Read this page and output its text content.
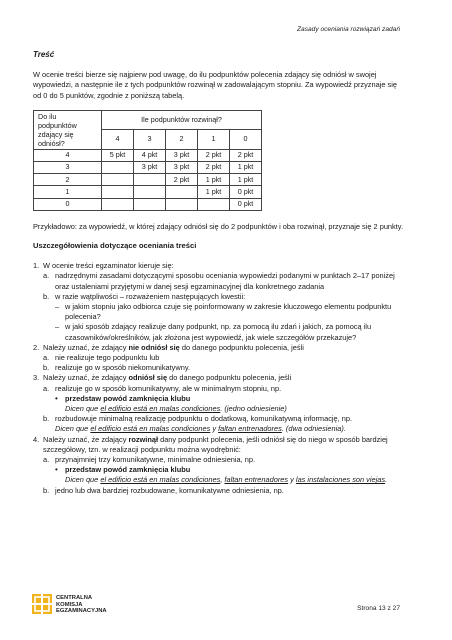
Zasady oceniania rozwiązań zadań
Treść

W ocenie treści bierze się najpierw pod uwagę, do ilu podpunktów polecenia zdający się odniósł w swojej wypowiedzi, a następnie ile z tych podpunktów rozwinął w zadowalającym stopniu. Za wypowiedź przyznaje się od 0 do 5 punktów, zgodnie z poniższą tabelą.

Do ilu podpunktów zdający się odniósł?	Ile podpunktów rozwinął?				
	4	3	2	1	0
4	5 pkt	4 pkt	3 pkt	2 pkt	2 pkt
3		3 pkt	3 pkt	2 pkt	1 pkt
2			2 pkt	1 pkt	1 pkt
1				1 pkt	0 pkt
0					0 pkt

Przykładowo: za wypowiedź, w której zdający odniósł się do 2 podpunktów i oba rozwinął, przyznaje się 2 punkty.

Uszczegółowienia dotyczące oceniania treści
1. W ocenie treści egzaminator kieruje się:
a. nadrzędnymi zasadami dotyczącymi sposobu oceniania wypowiedzi podanymi w punktach 2–17 poniżej oraz ustaleniami przyjętymi w danej sesji egzaminacyjnej dla konkretnego zadania
b. w razie wątpliwości – rozważeniem następujących kwestii:
– w jakim stopniu jako odbiorca czuje się poinformowany w zakresie kluczowego elementu podpunktu polecenia?
– w jaki sposób zdający realizuje dany podpunkt, np. za pomocą ilu zdań i jakich, za pomocą ilu czasowników/określników, jak złożona jest wypowiedź, jak wiele szczegółów przekazuje?
2. Należy uznać, że zdający nie odniósł się do danego podpunktu polecenia, jeśli
a. nie realizuje tego podpunktu lub
b. realizuje go w sposób niekomunikatywny.
3. Należy uznać, że zdający odniósł się do danego podpunktu polecenia, jeśli
a. realizuje go w sposób komunikatywny, ale w minimalnym stopniu, np.
• przedstaw powód zamknięcia klubu
Dicen que el edificio está en malas condiciones. (jedno odniesienie)
b. rozbudowuje minimalną realizację podpunktu o dodatkową, komunikatywną informację, np.
Dicen que el edificio está en malas condiciones y faltan entrenadores. (dwa odniesienia).
4. Należy uznać, że zdający rozwinął dany podpunkt polecenia, jeśli odniósł się do niego w sposób bardziej szczegółowy, tzn. w realizacji podpunktu można wyodrębnić:
a. przynajmniej trzy komunikatywne, minimalne odniesienia, np.
• przedstaw powód zamknięcia klubu
Dicen que el edificio está en malas condiciones, faltan entrenadores y las instalaciones son viejas.
b. jedno lub dwa bardziej rozbudowane, komunikatywne odniesienia, np.
CENTRALNA
KOMISJA
EGZAMINACYJNA	Strona 13 z 27
